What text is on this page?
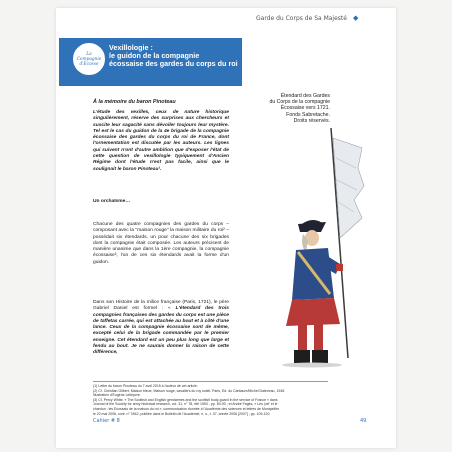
Garde du Corps de Sa Majesté ◆
La
Compagnie
d'Ecosse
Vexillologie :
le guidon de la compagnie
écossaise des gardes du corps du roi
À la mémoire du baron Pinoteau
L'étude des vexilles, ceux de nature historique singulièrement, réserve des surprises aux chercheurs et suscite leur sagacité sans dévoiler toujours leur mystère. Tel est le cas du guidon de la 4e brigade de la compagnie écossaise des gardes du corps du roi de France, dont l'ornementation est discutée par les auteurs. Les lignes qui suivent n'ont d'autre ambition que d'exposer l'état de cette question de vexillologie typiquement d'Ancien Régime dont l'étude n'est pas facile, ainsi que le soulignait le baron Pinoteau¹.
Un orchaïsme…
Chacune des quatre compagnies des gardes du corps – composant avec la "maison rouge" la maison militaire du roi² – possédait six étendards, un pour chacune des six brigades dont la compagnie était composée. Les auteurs précisent de manière unanime que dans la 1ère compagnie, la compagnie écossaise³, l'un de ces six étendards avait la forme d'un guidon.
Dans son Histoire de la milice française (Paris, 1721), le père Gabriel Daniel est formel : « L'étendard des trois compagnies françaises des gardes du corps est une pièce de taffetas carrée, qui est attachée au bout et à côté d'une lance. Ceux de la compagnie écossaise sont de même, excepté celui de la brigade commandée par le premier enseigne. Cet étendard est un peu plus long que large et fendu au bout. Je ne saurais donner la raison de cette différence,
Étendard des Gardes
du Corps de la compagnie
Écossaise vers 1721.
Fonds Sabretache.
Droits réservés.
(1) Lettre du baron Pinoteau du 7 avril 2015 à l'auteur de cet article.
(2) Cf. Christian Gilbert. Maison bleue, Maison rouge, cavaliers du roy soleil. Paris, Éd. du Cantaure/Michel Dateveau, 1945.
Illustration d'Eugène Leliepvre.
(3) Cf. Percy White, « The Scottish and English gendarmes and the scottish body-guard in the service of France » dans
Journal of the Society for army historical research, vol. 31, n° 78, été 1953 - pp. 80-90 ; et André Fagès, « Les 'pel' et le
chardon : les Écossais de la maison du roi », communication donnée à l'Académie des sciences et lettres de Montpellier
le 22 mai 2006, conf. n° 3942, publiée dans le Bulletin de l'Académie, n. s., t. 37, année 2006 [2007] ; pp. 109-120.
Cahier # 8	49
